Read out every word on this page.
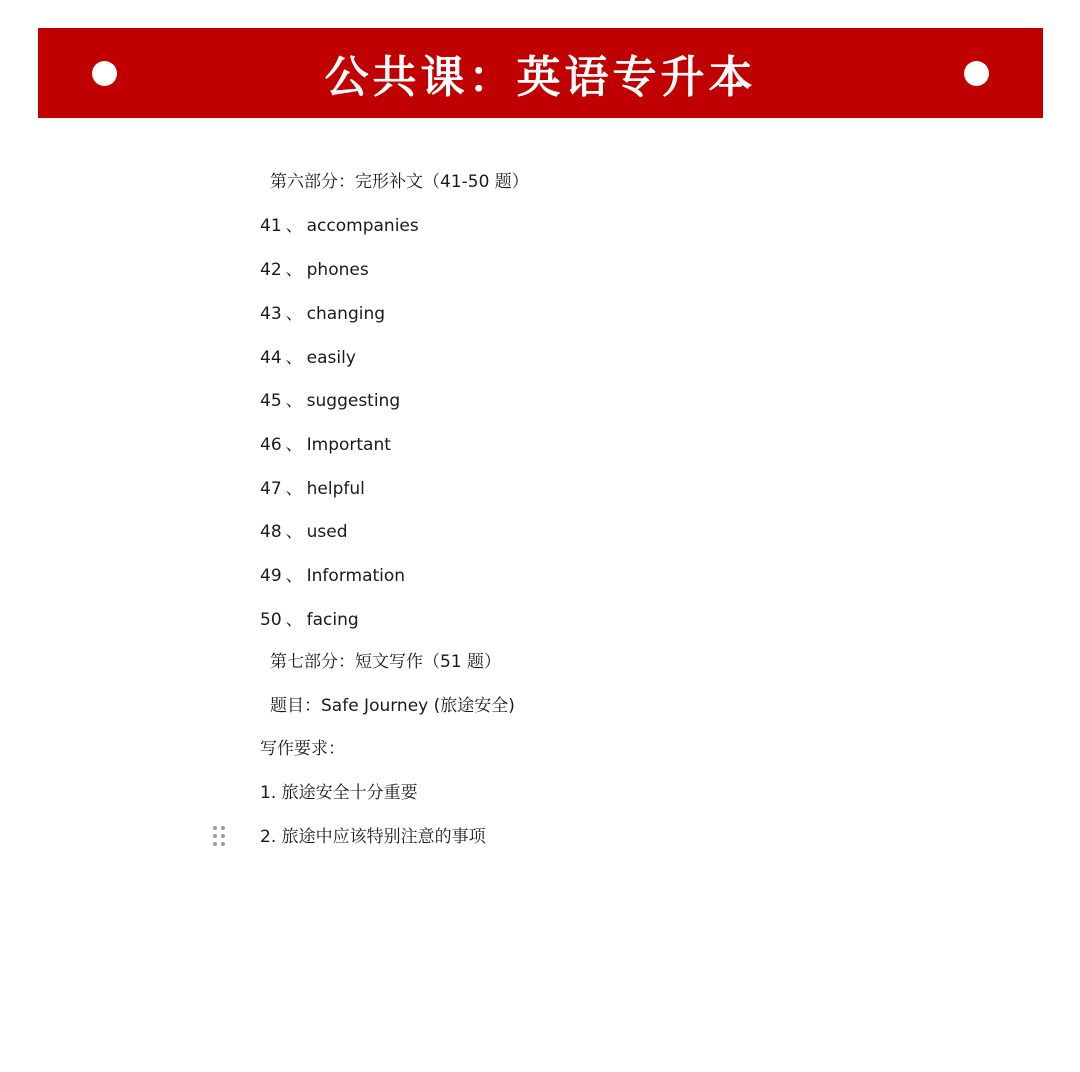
公共课：英语专升本
第六部分：完形补文（41-50 题）
41 、 accompanies
42 、 phones
43 、 changing
44 、 easily
45 、 suggesting
46 、 Important
47 、 helpful
48 、 used
49 、 Information
50 、 facing
第七部分：短文写作（51 题）
题目：Safe Journey (旅途安全)
写作要求：
1. 旅途安全十分重要
2. 旅途中应该特别注意的事项
